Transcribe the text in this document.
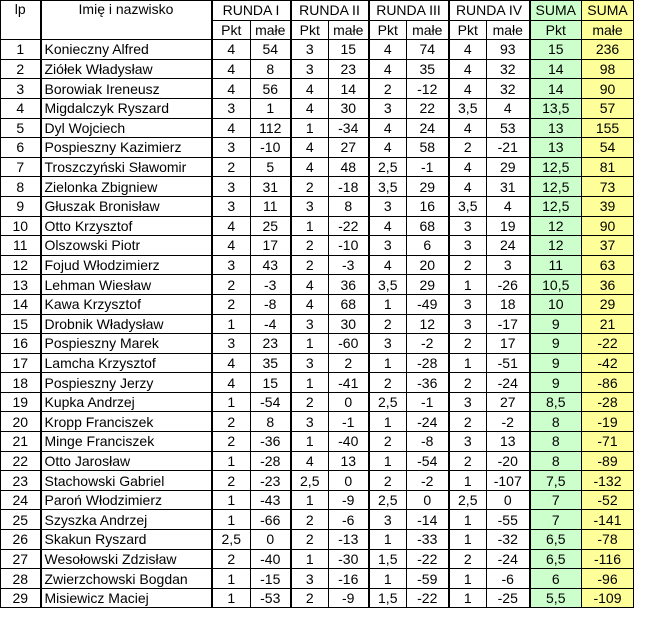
lp	Imię i nazwisko	RUNDA I		RUNDA II		RUNDA III		RUNDA IV		SUMA	SUMA
		Pkt	małe	Pkt	małe	Pkt	małe	Pkt	małe	Pkt	małe
1	Konieczny Alfred	4	54	3	15	4	74	4	93	15	236
2	Ziółek Władysław	4	8	3	23	4	35	4	32	14	98
3	Borowiak Ireneusz	4	56	4	14	2	-12	4	32	14	90
4	Migdalczyk Ryszard	3	1	4	30	3	22	3,5	4	13,5	57
5	Dyl Wojciech	4	112	1	-34	4	24	4	53	13	155
6	Pospieszny Kazimierz	3	-10	4	27	4	58	2	-21	13	54
7	Troszczyński Sławomir	2	5	4	48	2,5	-1	4	29	12,5	81
8	Zielonka Zbigniew	3	31	2	-18	3,5	29	4	31	12,5	73
9	Głuszak Bronisław	3	11	3	8	3	16	3,5	4	12,5	39
10	Otto Krzysztof	4	25	1	-22	4	68	3	19	12	90
11	Olszowski Piotr	4	17	2	-10	3	6	3	24	12	37
12	Fojud Włodzimierz	3	43	2	-3	4	20	2	3	11	63
13	Lehman Wiesław	2	-3	4	36	3,5	29	1	-26	10,5	36
14	Kawa Krzysztof	2	-8	4	68	1	-49	3	18	10	29
15	Drobnik Władysław	1	-4	3	30	2	12	3	-17	9	21
16	Pospieszny Marek	3	23	1	-60	3	-2	2	17	9	-22
17	Lamcha Krzysztof	4	35	3	2	1	-28	1	-51	9	-42
18	Pospieszny Jerzy	4	15	1	-41	2	-36	2	-24	9	-86
19	Kupka Andrzej	1	-54	2	0	2,5	-1	3	27	8,5	-28
20	Kropp Franciszek	2	8	3	-1	1	-24	2	-2	8	-19
21	Minge Franciszek	2	-36	1	-40	2	-8	3	13	8	-71
22	Otto Jarosław	1	-28	4	13	1	-54	2	-20	8	-89
23	Stachowski Gabriel	2	-23	2,5	0	2	-2	1	-107	7,5	-132
24	Paroń Włodzimierz	1	-43	1	-9	2,5	0	2,5	0	7	-52
25	Szyszka Andrzej	1	-66	2	-6	3	-14	1	-55	7	-141
26	Skakun Ryszard	2,5	0	2	-13	1	-33	1	-32	6,5	-78
27	Wesołowski Zdzisław	2	-40	1	-30	1,5	-22	2	-24	6,5	-116
28	Zwierzchowski Bogdan	1	-15	3	-16	1	-59	1	-6	6	-96
29	Misiewicz Maciej	1	-53	2	-9	1,5	-22	1	-25	5,5	-109
